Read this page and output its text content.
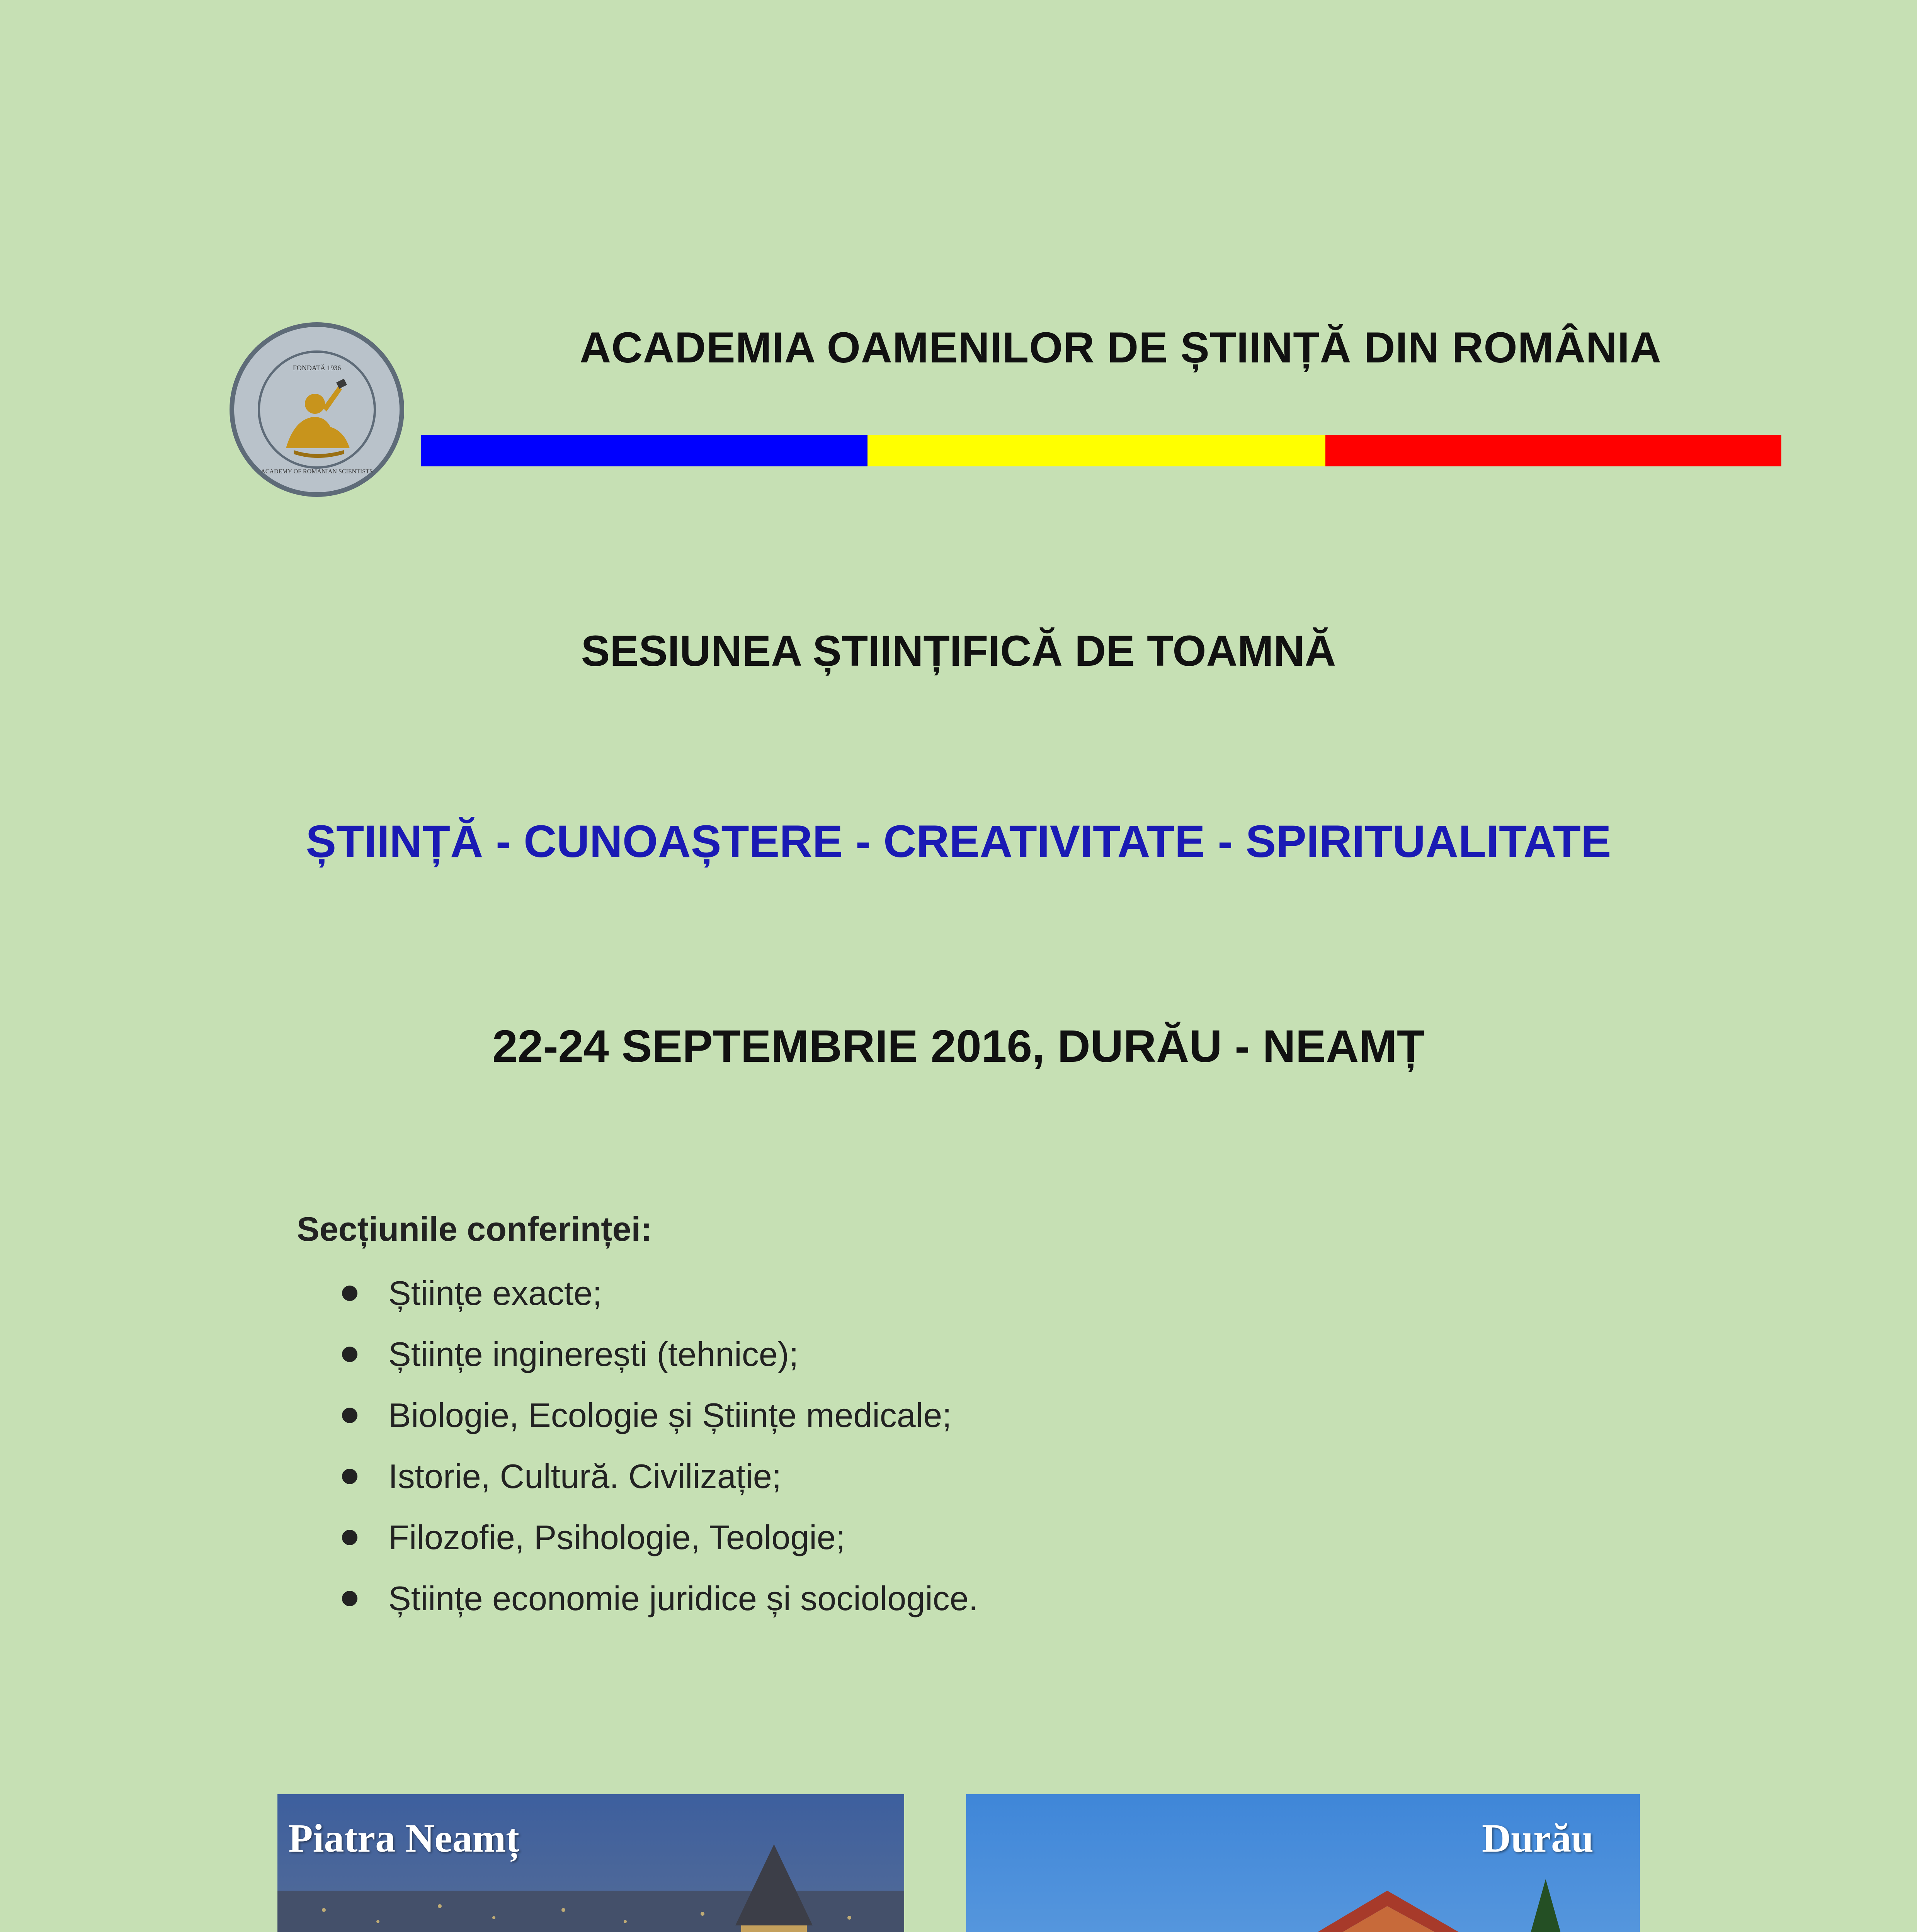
FONDATĂ 1936
ACADEMY OF ROMANIAN SCIENTISTS
ACADEMIA OAMENILOR DE ȘTIINȚĂ DIN ROMÂNIA
SESIUNEA ȘTIINȚIFICĂ DE TOAMNĂ
ȘTIINȚĂ - CUNOAȘTERE - CREATIVITATE - SPIRITUALITATE
22-24 SEPTEMBRIE 2016, DURĂU - NEAMȚ
Secțiunile conferinței:
Științe exacte;
Științe inginerești (tehnice);
Biologie, Ecologie și Științe medicale;
Istorie, Cultură. Civilizație;
Filozofie, Psihologie, Teologie;
Științe economie juridice și sociologice.
Piatra Neamț	Durău
